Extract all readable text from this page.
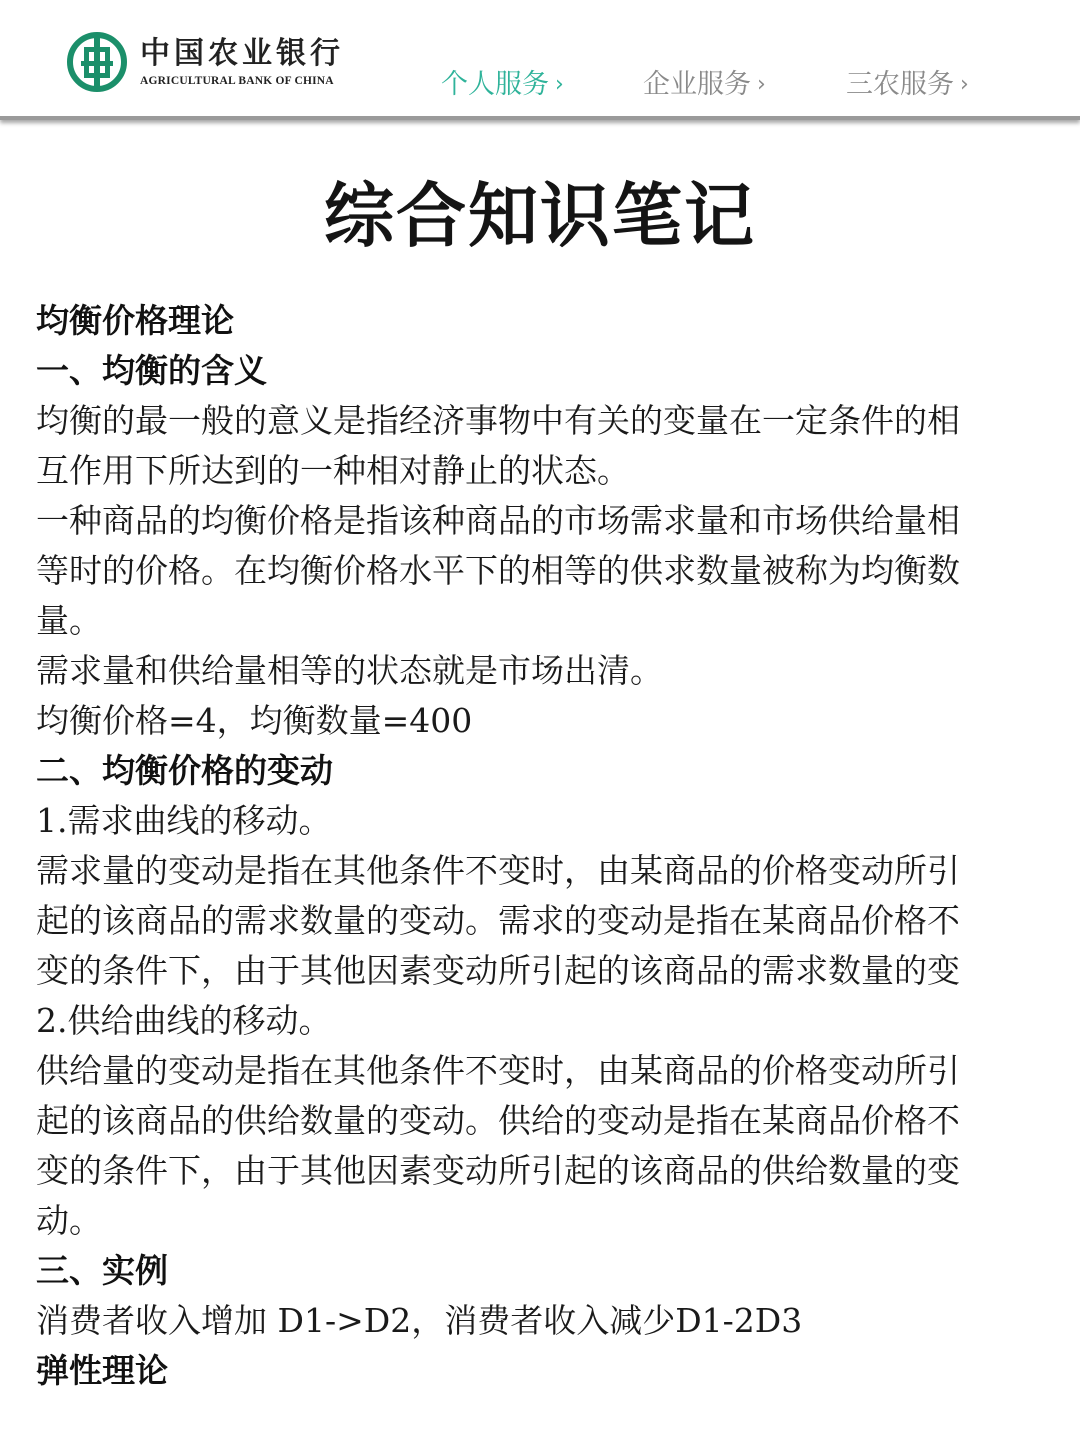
中国农业银行
AGRICULTURAL BANK OF CHINA	个人服务 ›	企业服务 ›	三农服务 ›
综合知识笔记
均衡价格理论
一、均衡的含义
均衡的最一般的意义是指经济事物中有关的变量在一定条件的相
互作用下所达到的一种相对静止的状态。
一种商品的均衡价格是指该种商品的市场需求量和市场供给量相
等时的价格。在均衡价格水平下的相等的供求数量被称为均衡数
量。
需求量和供给量相等的状态就是市场出清。
均衡价格=4，均衡数量=400
二、均衡价格的变动
1.需求曲线的移动。
需求量的变动是指在其他条件不变时，由某商品的价格变动所引
起的该商品的需求数量的变动。需求的变动是指在某商品价格不
变的条件下，由于其他因素变动所引起的该商品的需求数量的变
2.供给曲线的移动。
供给量的变动是指在其他条件不变时，由某商品的价格变动所引
起的该商品的供给数量的变动。供给的变动是指在某商品价格不
变的条件下，由于其他因素变动所引起的该商品的供给数量的变
动。
三、实例
消费者收入增加 D1->D2，消费者收入减少D1-2D3
弹性理论
